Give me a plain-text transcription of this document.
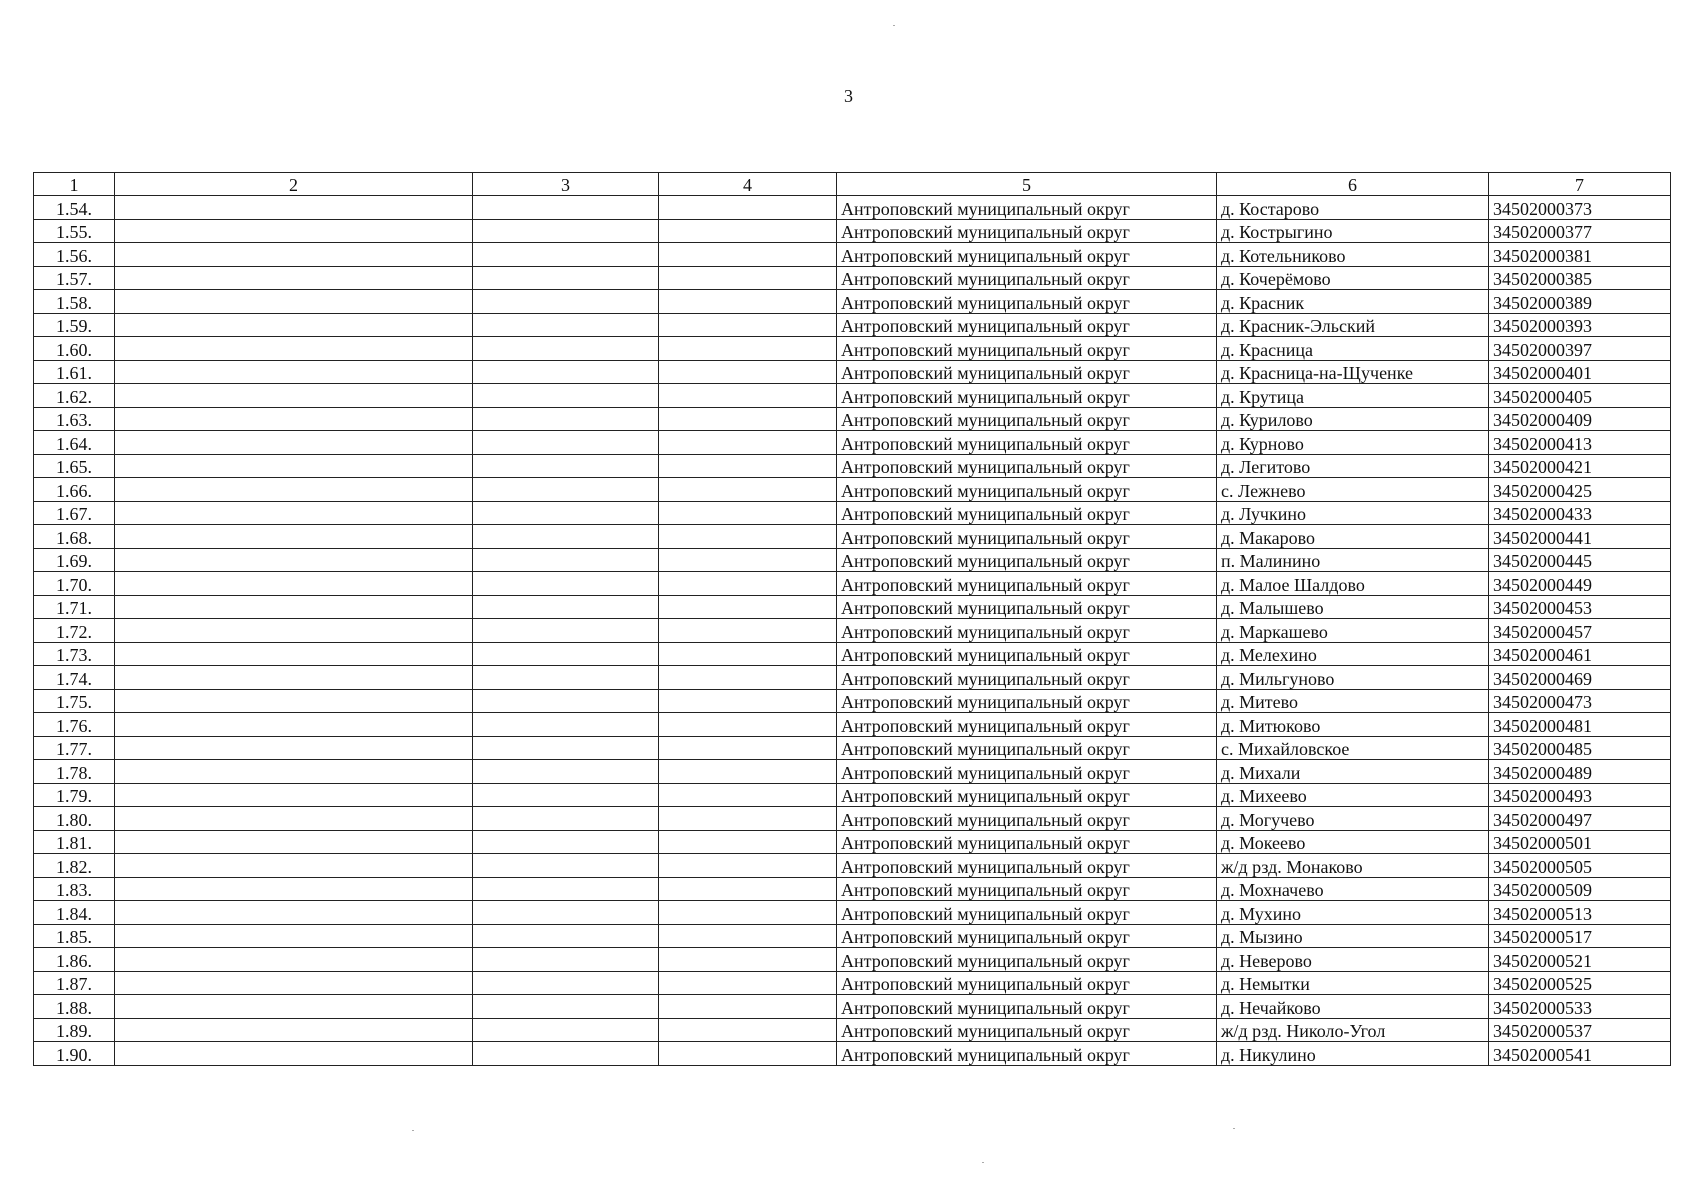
3
1	2	3	4	5	6	7
1.54.				Антроповский муниципальный округ	д. Костарово	34502000373
1.55.				Антроповский муниципальный округ	д. Кострыгино	34502000377
1.56.				Антроповский муниципальный округ	д. Котельниково	34502000381
1.57.				Антроповский муниципальный округ	д. Кочерёмово	34502000385
1.58.				Антроповский муниципальный округ	д. Красник	34502000389
1.59.				Антроповский муниципальный округ	д. Красник-Эльский	34502000393
1.60.				Антроповский муниципальный округ	д. Красница	34502000397
1.61.				Антроповский муниципальный округ	д. Красница-на-Щученке	34502000401
1.62.				Антроповский муниципальный округ	д. Крутица	34502000405
1.63.				Антроповский муниципальный округ	д. Курилово	34502000409
1.64.				Антроповский муниципальный округ	д. Курново	34502000413
1.65.				Антроповский муниципальный округ	д. Легитово	34502000421
1.66.				Антроповский муниципальный округ	с. Лежнево	34502000425
1.67.				Антроповский муниципальный округ	д. Лучкино	34502000433
1.68.				Антроповский муниципальный округ	д. Макарово	34502000441
1.69.				Антроповский муниципальный округ	п. Малинино	34502000445
1.70.				Антроповский муниципальный округ	д. Малое Шалдово	34502000449
1.71.				Антроповский муниципальный округ	д. Малышево	34502000453
1.72.				Антроповский муниципальный округ	д. Маркашево	34502000457
1.73.				Антроповский муниципальный округ	д. Мелехино	34502000461
1.74.				Антроповский муниципальный округ	д. Мильгуново	34502000469
1.75.				Антроповский муниципальный округ	д. Митево	34502000473
1.76.				Антроповский муниципальный округ	д. Митюково	34502000481
1.77.				Антроповский муниципальный округ	с. Михайловское	34502000485
1.78.				Антроповский муниципальный округ	д. Михали	34502000489
1.79.				Антроповский муниципальный округ	д. Михеево	34502000493
1.80.				Антроповский муниципальный округ	д. Могучево	34502000497
1.81.				Антроповский муниципальный округ	д. Мокеево	34502000501
1.82.				Антроповский муниципальный округ	ж/д рзд. Монаково	34502000505
1.83.				Антроповский муниципальный округ	д. Мохначево	34502000509
1.84.				Антроповский муниципальный округ	д. Мухино	34502000513
1.85.				Антроповский муниципальный округ	д. Мызино	34502000517
1.86.				Антроповский муниципальный округ	д. Неверово	34502000521
1.87.				Антроповский муниципальный округ	д. Немытки	34502000525
1.88.				Антроповский муниципальный округ	д. Нечайково	34502000533
1.89.				Антроповский муниципальный округ	ж/д рзд. Николо-Угол	34502000537
1.90.				Антроповский муниципальный округ	д. Никулино	34502000541
